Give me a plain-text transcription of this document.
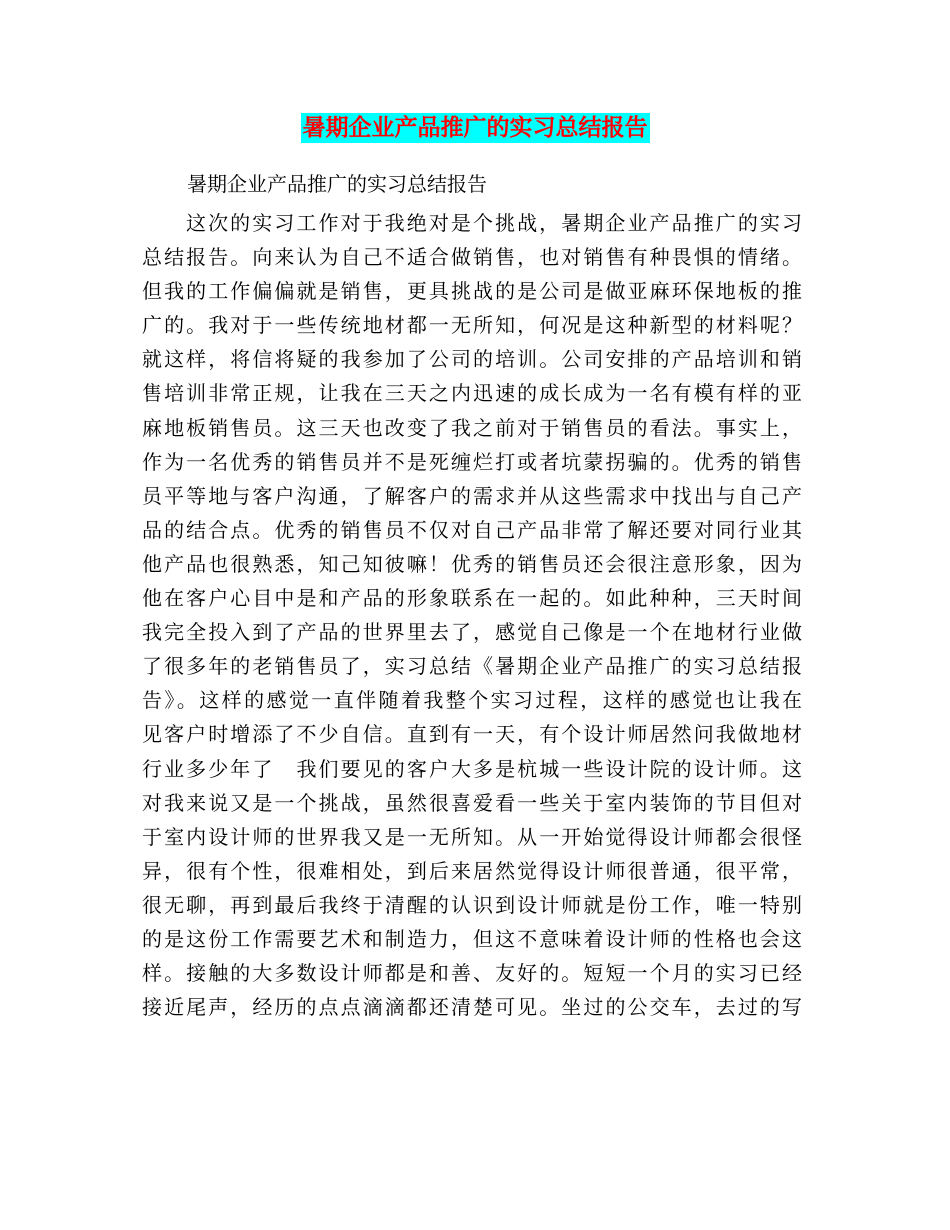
暑期企业产品推广的实习总结报告
暑期企业产品推广的实习总结报告
这次的实习工作对于我绝对是个挑战，暑期企业产品推广的实习
总结报告。向来认为自己不适合做销售，也对销售有种畏惧的情绪。
但我的工作偏偏就是销售，更具挑战的是公司是做亚麻环保地板的推
广的。我对于一些传统地材都一无所知，何况是这种新型的材料呢？
就这样，将信将疑的我参加了公司的培训。公司安排的产品培训和销
售培训非常正规，让我在三天之内迅速的成长成为一名有模有样的亚
麻地板销售员。这三天也改变了我之前对于销售员的看法。事实上，
作为一名优秀的销售员并不是死缠烂打或者坑蒙拐骗的。优秀的销售
员平等地与客户沟通，了解客户的需求并从这些需求中找出与自己产
品的结合点。优秀的销售员不仅对自己产品非常了解还要对同行业其
他产品也很熟悉，知己知彼嘛！优秀的销售员还会很注意形象，因为
他在客户心目中是和产品的形象联系在一起的。如此种种，三天时间
我完全投入到了产品的世界里去了，感觉自己像是一个在地材行业做
了很多年的老销售员了，实习总结《暑期企业产品推广的实习总结报
告》。这样的感觉一直伴随着我整个实习过程，这样的感觉也让我在
见客户时增添了不少自信。直到有一天，有个设计师居然问我做地材
行业多少年了　我们要见的客户大多是杭城一些设计院的设计师。这
对我来说又是一个挑战，虽然很喜爱看一些关于室内装饰的节目但对
于室内设计师的世界我又是一无所知。从一开始觉得设计师都会很怪
异，很有个性，很难相处，到后来居然觉得设计师很普通，很平常，
很无聊，再到最后我终于清醒的认识到设计师就是份工作，唯一特别
的是这份工作需要艺术和制造力，但这不意味着设计师的性格也会这
样。接触的大多数设计师都是和善、友好的。短短一个月的实习已经
接近尾声，经历的点点滴滴都还清楚可见。坐过的公交车，去过的写
